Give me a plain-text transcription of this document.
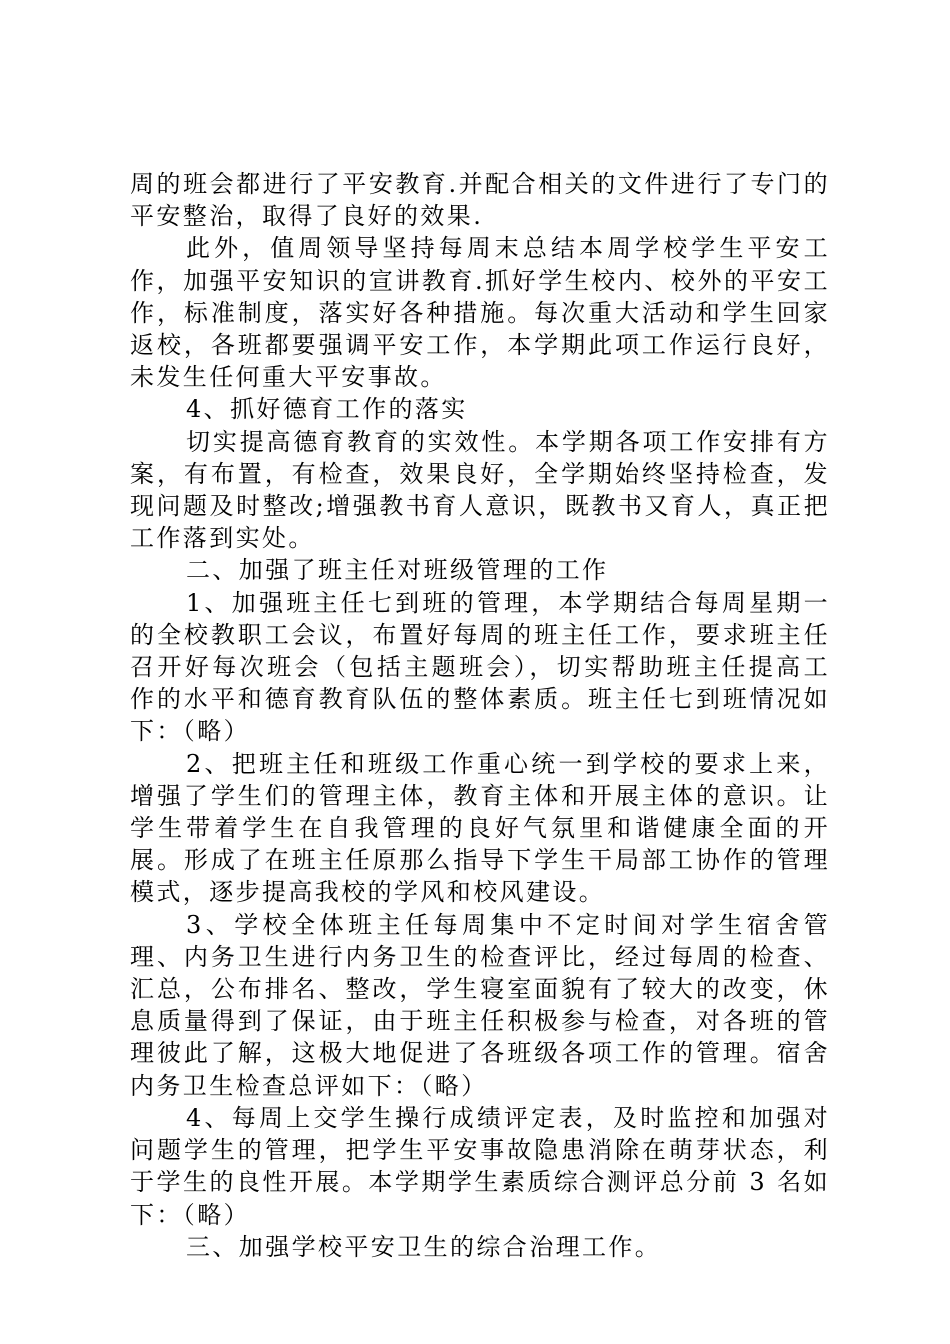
周的班会都进行了平安教育.并配合相关的文件进行了专门的平安整治，取得了良好的效果.

此外，值周领导坚持每周末总结本周学校学生平安工作，加强平安知识的宣讲教育.抓好学生校内、校外的平安工作，标准制度，落实好各种措施。每次重大活动和学生回家返校，各班都要强调平安工作，本学期此项工作运行良好，未发生任何重大平安事故。

4、抓好德育工作的落实

切实提高德育教育的实效性。本学期各项工作安排有方案，有布置，有检查，效果良好，全学期始终坚持检查，发现问题及时整改;增强教书育人意识，既教书又育人，真正把工作落到实处。

二、加强了班主任对班级管理的工作

1、加强班主任七到班的管理，本学期结合每周星期一的全校教职工会议，布置好每周的班主任工作，要求班主任召开好每次班会（包括主题班会），切实帮助班主任提高工作的水平和德育教育队伍的整体素质。班主任七到班情况如下：（略）

2、把班主任和班级工作重心统一到学校的要求上来，增强了学生们的管理主体，教育主体和开展主体的意识。让学生带着学生在自我管理的良好气氛里和谐健康全面的开展。形成了在班主任原那么指导下学生干局部工协作的管理模式，逐步提高我校的学风和校风建设。

3、学校全体班主任每周集中不定时间对学生宿舍管理、内务卫生进行内务卫生的检查评比，经过每周的检查、汇总，公布排名、整改，学生寝室面貌有了较大的改变，休息质量得到了保证，由于班主任积极参与检查，对各班的管理彼此了解，这极大地促进了各班级各项工作的管理。宿舍内务卫生检查总评如下：（略）

4、每周上交学生操行成绩评定表，及时监控和加强对问题学生的管理，把学生平安事故隐患消除在萌芽状态，利于学生的良性开展。本学期学生素质综合测评总分前 3 名如下：（略）

三、加强学校平安卫生的综合治理工作。
